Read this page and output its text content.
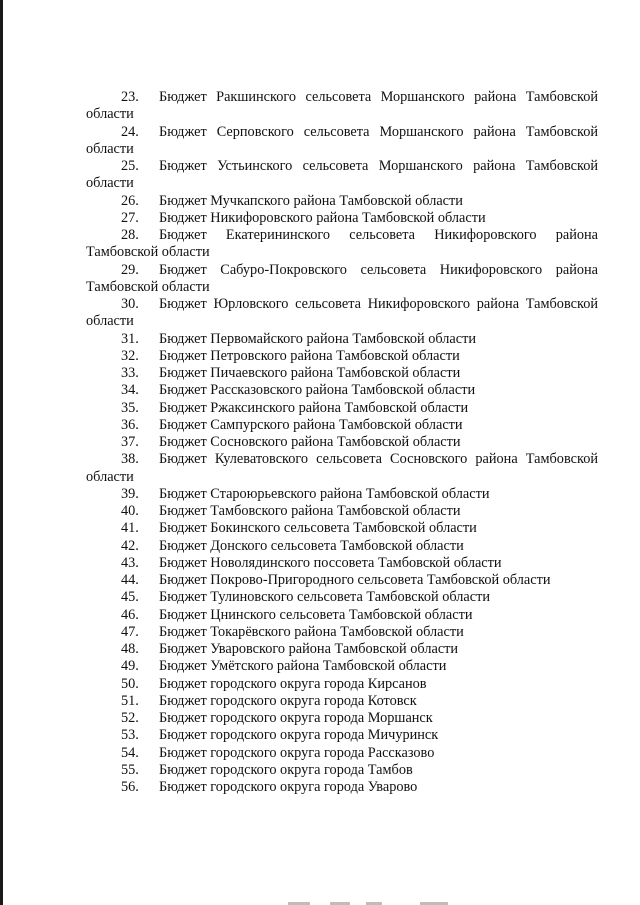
23. Бюджет Ракшинского сельсовета Моршанского района Тамбовской области

24. Бюджет Серповского сельсовета Моршанского района Тамбовской области

25. Бюджет Устьинского сельсовета Моршанского района Тамбовской области

26. Бюджет Мучкапского района Тамбовской области

27. Бюджет Никифоровского района Тамбовской области

28. Бюджет Екатерининского сельсовета Никифоровского района Тамбовской области

29. Бюджет Сабуро-Покровского сельсовета Никифоровского района Тамбовской области

30. Бюджет Юрловского сельсовета Никифоровского района Тамбовской области

31. Бюджет Первомайского района Тамбовской области

32. Бюджет Петровского района Тамбовской области

33. Бюджет Пичаевского района Тамбовской области

34. Бюджет Рассказовского района Тамбовской области

35. Бюджет Ржаксинского района Тамбовской области

36. Бюджет Сампурского района Тамбовской области

37. Бюджет Сосновского района Тамбовской области

38. Бюджет Кулеватовского сельсовета Сосновского района Тамбовской области

39. Бюджет Староюрьевского района Тамбовской области

40. Бюджет Тамбовского района Тамбовской области

41. Бюджет Бокинского сельсовета Тамбовской области

42. Бюджет Донского сельсовета Тамбовской области

43. Бюджет Новолядинского поссовета Тамбовской области

44. Бюджет Покрово-Пригородного сельсовета Тамбовской области

45. Бюджет Тулиновского сельсовета Тамбовской области

46. Бюджет Цнинского сельсовета Тамбовской области

47. Бюджет Токарёвского района Тамбовской области

48. Бюджет Уваровского района Тамбовской области

49. Бюджет Умётского района Тамбовской области

50. Бюджет городского округа города Кирсанов

51. Бюджет городского округа города Котовск

52. Бюджет городского округа города Моршанск

53. Бюджет городского округа города Мичуринск

54. Бюджет городского округа города Рассказово

55. Бюджет городского округа города Тамбов

56. Бюджет городского округа города Уварово
